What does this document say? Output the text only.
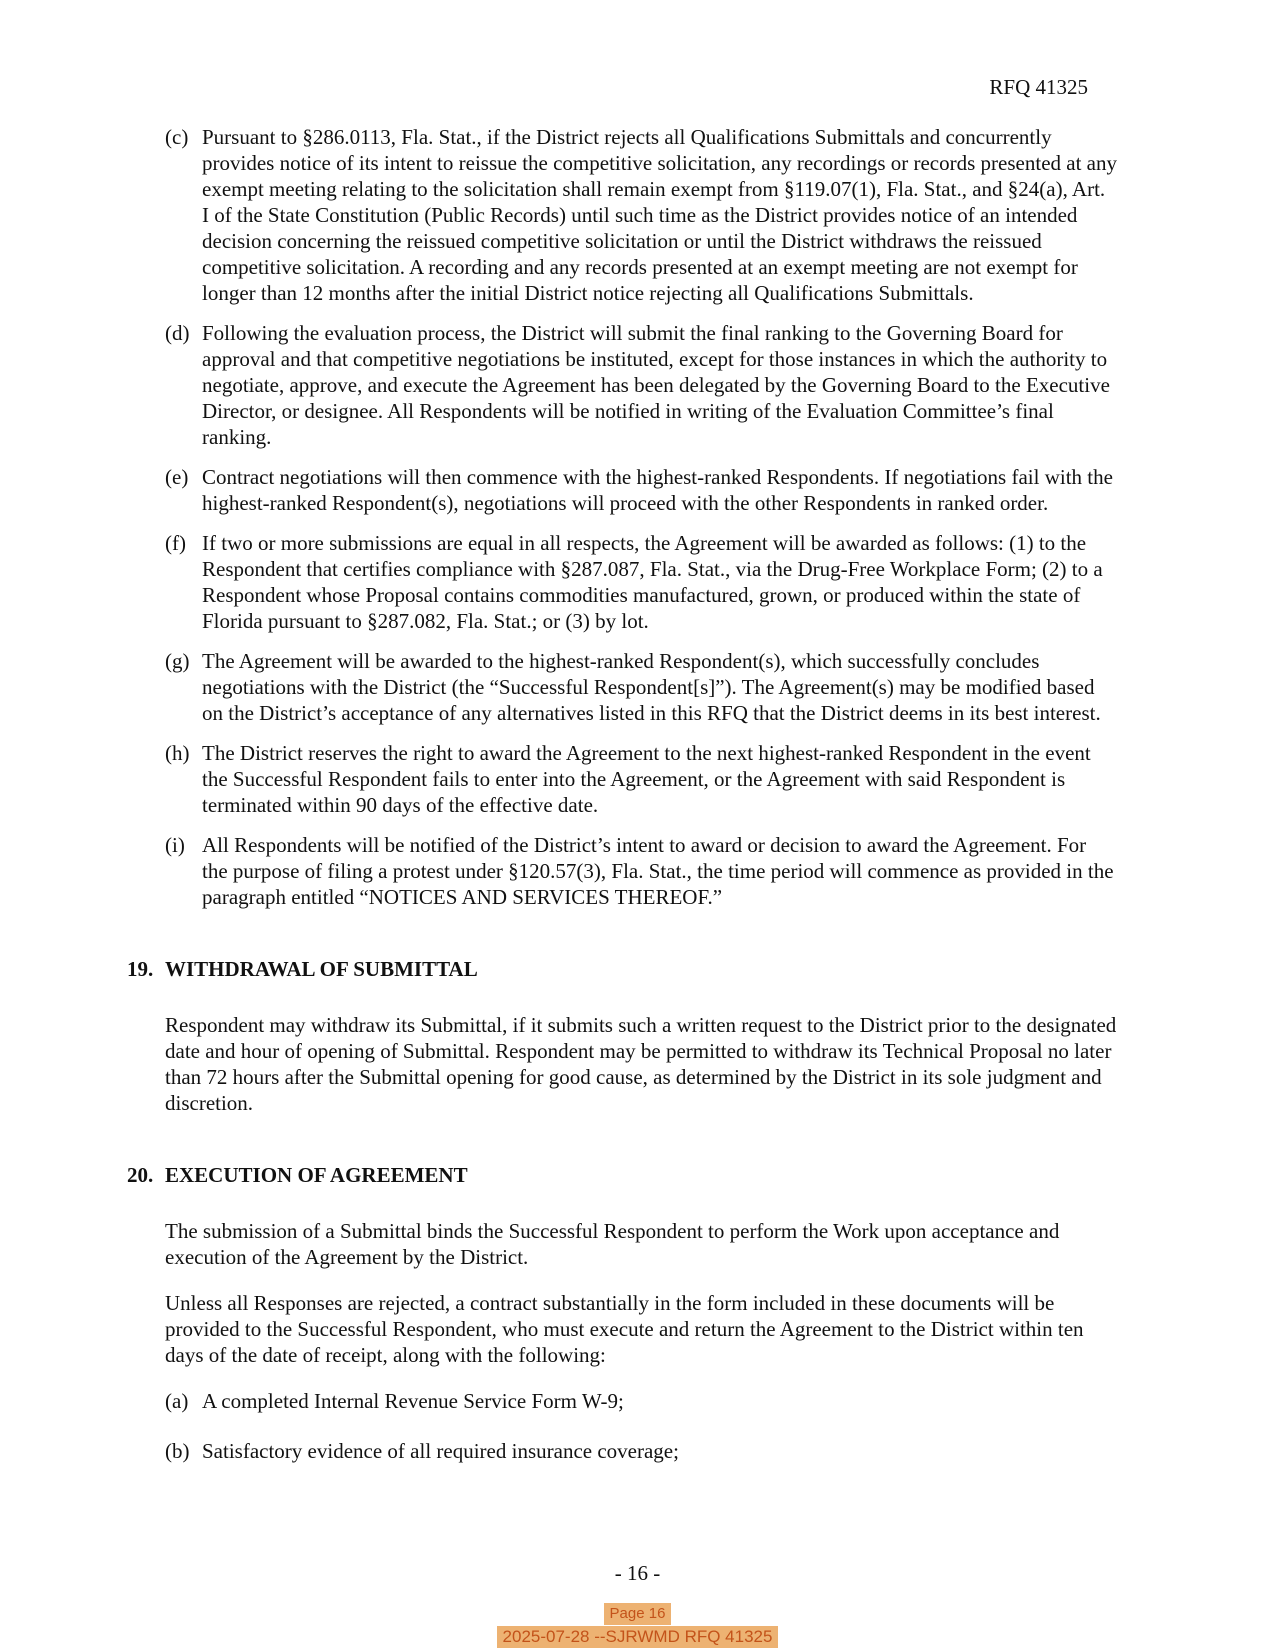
RFQ 41325
(c) Pursuant to §286.0113, Fla. Stat., if the District rejects all Qualifications Submittals and concurrently provides notice of its intent to reissue the competitive solicitation, any recordings or records presented at any exempt meeting relating to the solicitation shall remain exempt from §119.07(1), Fla. Stat., and §24(a), Art. I of the State Constitution (Public Records) until such time as the District provides notice of an intended decision concerning the reissued competitive solicitation or until the District withdraws the reissued competitive solicitation. A recording and any records presented at an exempt meeting are not exempt for longer than 12 months after the initial District notice rejecting all Qualifications Submittals.
(d) Following the evaluation process, the District will submit the final ranking to the Governing Board for approval and that competitive negotiations be instituted, except for those instances in which the authority to negotiate, approve, and execute the Agreement has been delegated by the Governing Board to the Executive Director, or designee. All Respondents will be notified in writing of the Evaluation Committee’s final ranking.
(e) Contract negotiations will then commence with the highest-ranked Respondents. If negotiations fail with the highest-ranked Respondent(s), negotiations will proceed with the other Respondents in ranked order.
(f) If two or more submissions are equal in all respects, the Agreement will be awarded as follows: (1) to the Respondent that certifies compliance with §287.087, Fla. Stat., via the Drug-Free Workplace Form; (2) to a Respondent whose Proposal contains commodities manufactured, grown, or produced within the state of Florida pursuant to §287.082, Fla. Stat.; or (3) by lot.
(g) The Agreement will be awarded to the highest-ranked Respondent(s), which successfully concludes negotiations with the District (the “Successful Respondent[s]”). The Agreement(s) may be modified based on the District’s acceptance of any alternatives listed in this RFQ that the District deems in its best interest.
(h) The District reserves the right to award the Agreement to the next highest-ranked Respondent in the event the Successful Respondent fails to enter into the Agreement, or the Agreement with said Respondent is terminated within 90 days of the effective date.
(i) All Respondents will be notified of the District’s intent to award or decision to award the Agreement. For the purpose of filing a protest under §120.57(3), Fla. Stat., the time period will commence as provided in the paragraph entitled “NOTICES AND SERVICES THEREOF.”
19. WITHDRAWAL OF SUBMITTAL

Respondent may withdraw its Submittal, if it submits such a written request to the District prior to the designated date and hour of opening of Submittal. Respondent may be permitted to withdraw its Technical Proposal no later than 72 hours after the Submittal opening for good cause, as determined by the District in its sole judgment and discretion.

20. EXECUTION OF AGREEMENT

The submission of a Submittal binds the Successful Respondent to perform the Work upon acceptance and execution of the Agreement by the District.

Unless all Responses are rejected, a contract substantially in the form included in these documents will be provided to the Successful Respondent, who must execute and return the Agreement to the District within ten days of the date of receipt, along with the following:

(a) A completed Internal Revenue Service Form W-9;
(b) Satisfactory evidence of all required insurance coverage;
- 16 -
Page 16
2025-07-28 --SJRWMD RFQ 41325
